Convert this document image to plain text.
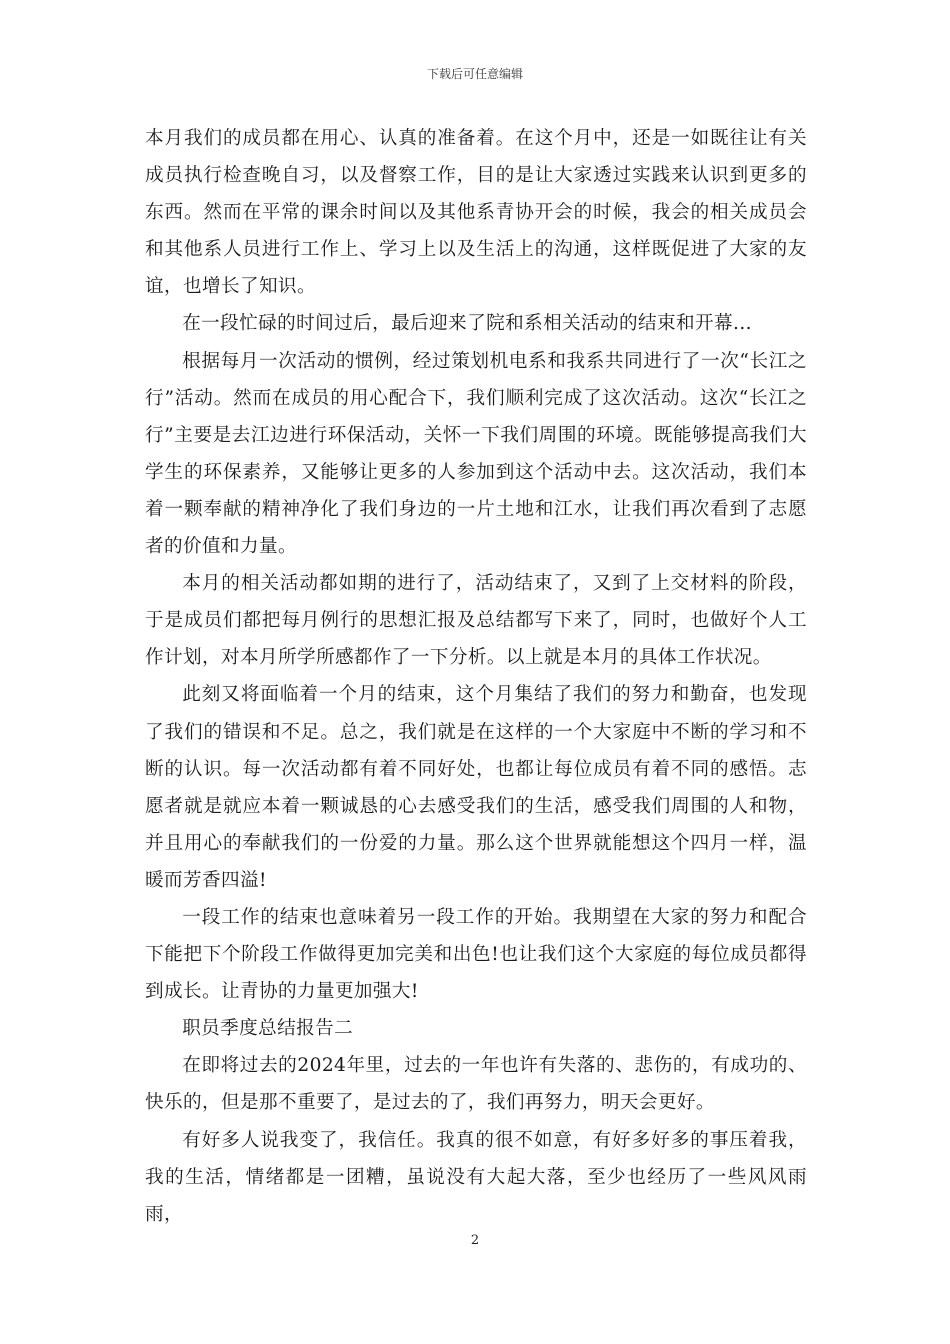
下载后可任意编辑

本月我们的成员都在用心、认真的准备着。在这个月中，还是一如既往让有关成员执行检查晚自习，以及督察工作，目的是让大家透过实践来认识到更多的东西。然而在平常的课余时间以及其他系青协开会的时候，我会的相关成员会和其他系人员进行工作上、学习上以及生活上的沟通，这样既促进了大家的友谊，也增长了知识。

在一段忙碌的时间过后，最后迎来了院和系相关活动的结束和开幕...

根据每月一次活动的惯例，经过策划机电系和我系共同进行了一次“长江之行”活动。然而在成员的用心配合下，我们顺利完成了这次活动。这次“长江之行”主要是去江边进行环保活动，关怀一下我们周围的环境。既能够提高我们大学生的环保素养，又能够让更多的人参加到这个活动中去。这次活动，我们本着一颗奉献的精神净化了我们身边的一片土地和江水，让我们再次看到了志愿者的价值和力量。

本月的相关活动都如期的进行了，活动结束了，又到了上交材料的阶段，于是成员们都把每月例行的思想汇报及总结都写下来了，同时，也做好个人工作计划，对本月所学所感都作了一下分析。以上就是本月的具体工作状况。

此刻又将面临着一个月的结束，这个月集结了我们的努力和勤奋，也发现了我们的错误和不足。总之，我们就是在这样的一个大家庭中不断的学习和不断的认识。每一次活动都有着不同好处，也都让每位成员有着不同的感悟。志愿者就是就应本着一颗诚恳的心去感受我们的生活，感受我们周围的人和物，并且用心的奉献我们的一份爱的力量。那么这个世界就能想这个四月一样，温暖而芳香四溢!

一段工作的结束也意味着另一段工作的开始。我期望在大家的努力和配合下能把下个阶段工作做得更加完美和出色!也让我们这个大家庭的每位成员都得到成长。让青协的力量更加强大!

职员季度总结报告二

在即将过去的2024年里，过去的一年也许有失落的、悲伤的，有成功的、快乐的，但是那不重要了，是过去的了，我们再努力，明天会更好。

有好多人说我变了，我信任。我真的很不如意，有好多好多的事压着我，我的生活，情绪都是一团糟，虽说没有大起大落，至少也经历了一些风风雨雨，

2
